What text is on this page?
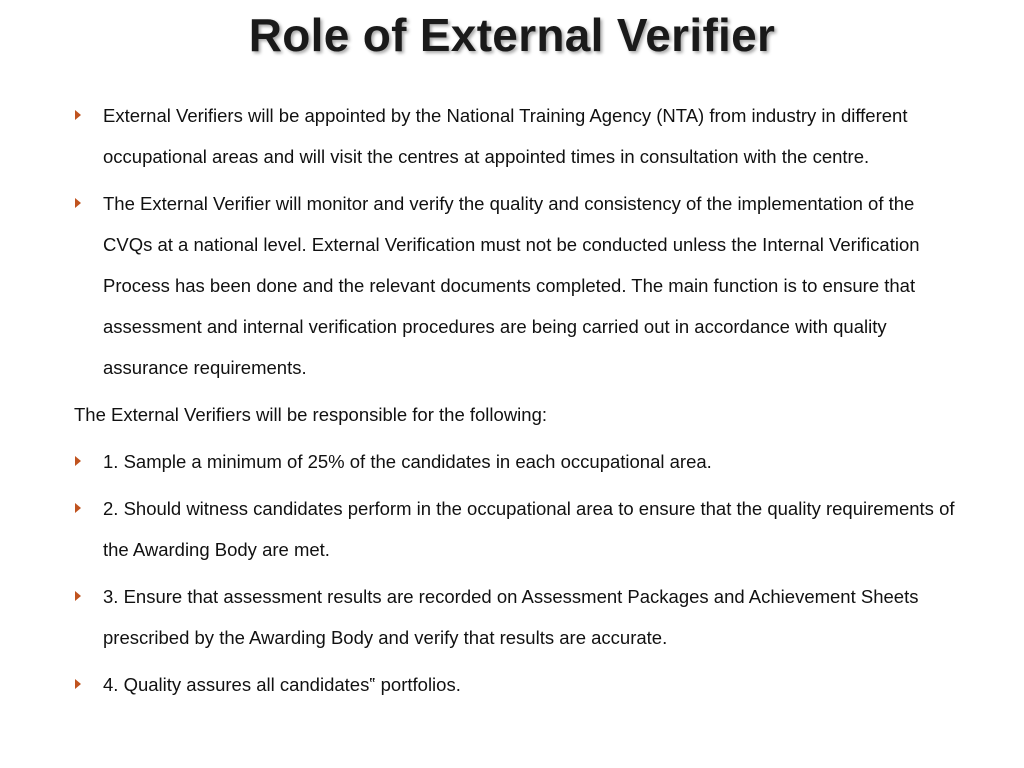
Role of External Verifier
External Verifiers will be appointed by the National Training Agency (NTA) from industry in different occupational areas and will visit the centres at appointed times in consultation with the centre.
The External Verifier will monitor and verify the quality and consistency of the implementation of the CVQs at a national level. External Verification must not be conducted unless the Internal Verification Process has been done and the relevant documents completed. The main function is to ensure that assessment and internal verification procedures are being carried out in accordance with quality assurance requirements.
The External Verifiers will be responsible for the following:
1. Sample a minimum of 25% of the candidates in each occupational area.
2. Should witness candidates perform in the occupational area to ensure that the quality requirements of the Awarding Body are met.
3. Ensure that assessment results are recorded on Assessment Packages and Achievement Sheets prescribed by the Awarding Body and verify that results are accurate.
4. Quality assures all candidates‟ portfolios.
